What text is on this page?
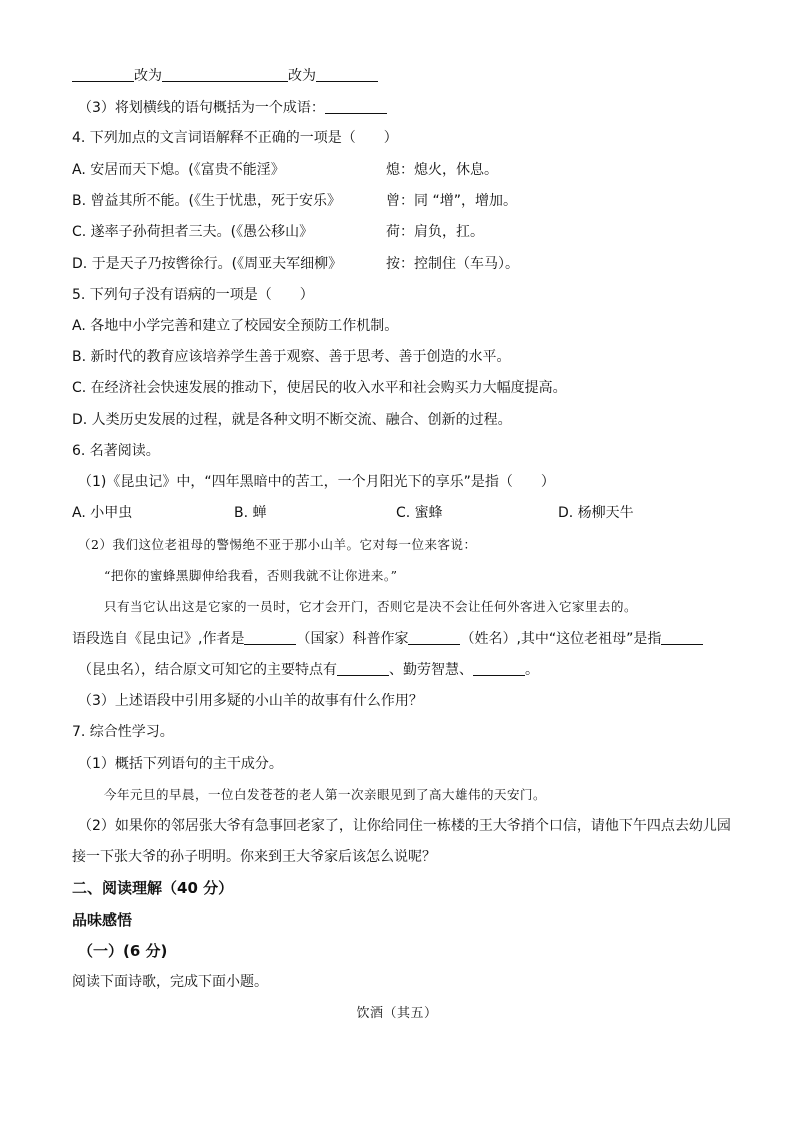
改为	改为
（3）将划横线的语句概括为一个成语：
4. 下列加点的文言词语解释不正确的一项是（　　）
A. 安居而天下熄。(《富贵不能淫》	熄：熄火，休息。
B. 曾益其所不能。(《生于忧患，死于安乐》	曾：同 “增”，增加。
C. 遂率子孙荷担者三夫。(《愚公移山》	荷：肩负，扛。
D. 于是天子乃按辔徐行。(《周亚夫军细柳》	按：控制住（车马）。
5. 下列句子没有语病的一项是（　　）
A. 各地中小学完善和建立了校园安全预防工作机制。
B. 新时代的教育应该培养学生善于观察、善于思考、善于创造的水平。
C. 在经济社会快速发展的推动下，使居民的收入水平和社会购买力大幅度提高。
D. 人类历史发展的过程，就是各种文明不断交流、融合、创新的过程。
6. 名著阅读。
（1)《昆虫记》中，“四年黑暗中的苦工，一个月阳光下的享乐”是指（　　）
A. 小甲虫	B. 蝉	C. 蜜蜂	D. 杨柳天牛
（2）我们这位老祖母的警惕绝不亚于那小山羊。它对每一位来客说：
“把你的蜜蜂黑脚伸给我看，否则我就不让你进来。”
只有当它认出这是它家的一员时，它才会开门，否则它是决不会让任何外客进入它家里去的。
语段选自《昆虫记》,作者是	（国家）科普作家	（姓名）,其中“这位老祖母”是指
（昆虫名），结合原文可知它的主要特点有	、勤劳智慧、	。
（3）上述语段中引用多疑的小山羊的故事有什么作用？
7. 综合性学习。
（1）概括下列语句的主干成分。
今年元旦的早晨，一位白发苍苍的老人第一次亲眼见到了高大雄伟的天安门。
（2）如果你的邻居张大爷有急事回老家了，让你给同住一栋楼的王大爷捎个口信，请他下午四点去幼儿园
接一下张大爷的孙子明明。你来到王大爷家后该怎么说呢？
二、阅读理解（40 分）
品味感悟
（一）(6 分)
阅读下面诗歌，完成下面小题。
饮酒（其五）
